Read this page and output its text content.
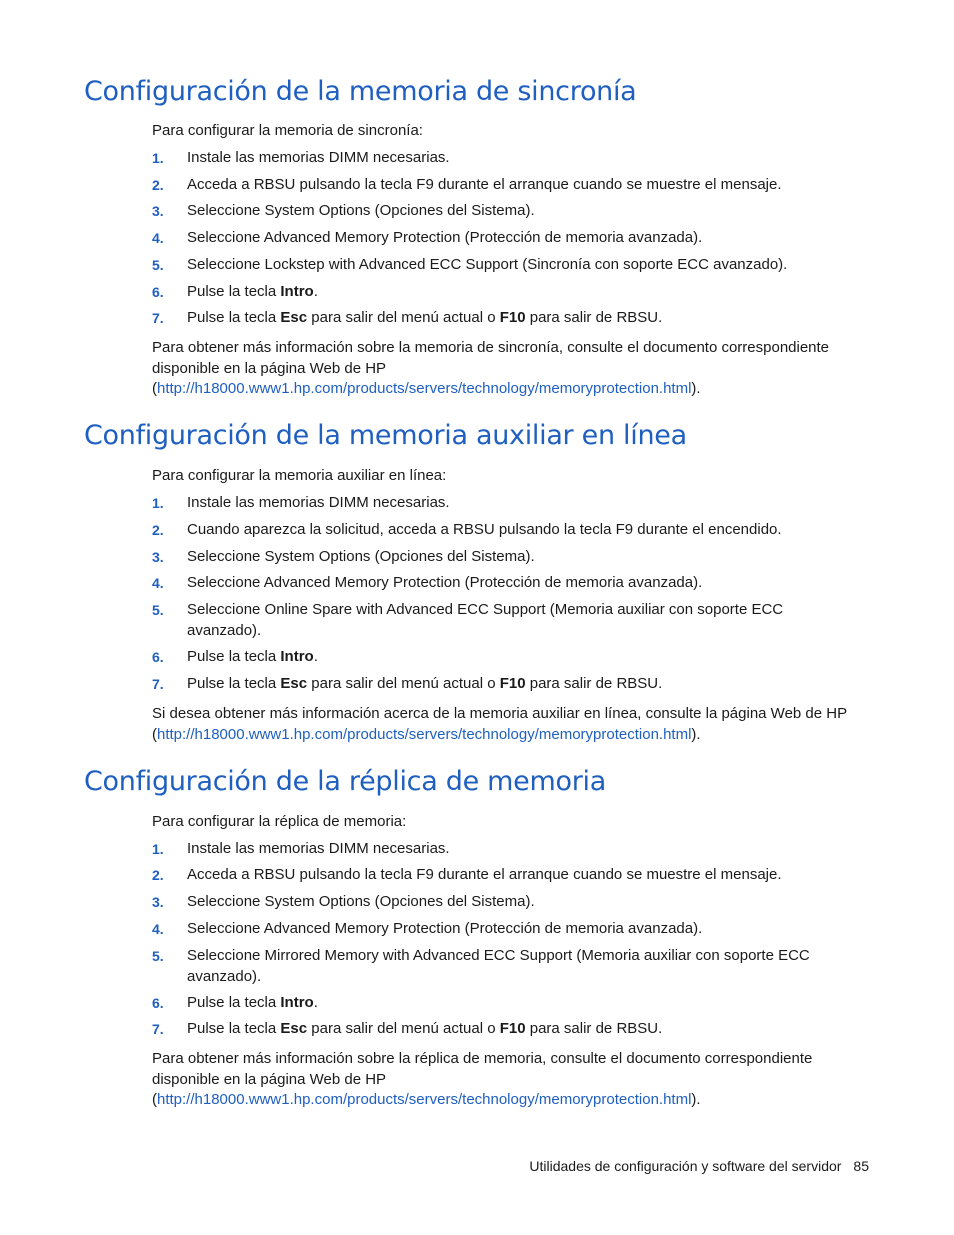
Configuración de la memoria de sincronía

Para configurar la memoria de sincronía:

1. Instale las memorias DIMM necesarias.
2. Acceda a RBSU pulsando la tecla F9 durante el arranque cuando se muestre el mensaje.
3. Seleccione System Options (Opciones del Sistema).
4. Seleccione Advanced Memory Protection (Protección de memoria avanzada).
5. Seleccione Lockstep with Advanced ECC Support (Sincronía con soporte ECC avanzado).
6. Pulse la tecla Intro.
7. Pulse la tecla Esc para salir del menú actual o F10 para salir de RBSU.

Para obtener más información sobre la memoria de sincronía, consulte el documento correspondiente disponible en la página Web de HP (http://h18000.www1.hp.com/products/servers/technology/memoryprotection.html).

Configuración de la memoria auxiliar en línea

Para configurar la memoria auxiliar en línea:

1. Instale las memorias DIMM necesarias.
2. Cuando aparezca la solicitud, acceda a RBSU pulsando la tecla F9 durante el encendido.
3. Seleccione System Options (Opciones del Sistema).
4. Seleccione Advanced Memory Protection (Protección de memoria avanzada).
5. Seleccione Online Spare with Advanced ECC Support (Memoria auxiliar con soporte ECC avanzado).
6. Pulse la tecla Intro.
7. Pulse la tecla Esc para salir del menú actual o F10 para salir de RBSU.

Si desea obtener más información acerca de la memoria auxiliar en línea, consulte la página Web de HP (http://h18000.www1.hp.com/products/servers/technology/memoryprotection.html).

Configuración de la réplica de memoria

Para configurar la réplica de memoria:

1. Instale las memorias DIMM necesarias.
2. Acceda a RBSU pulsando la tecla F9 durante el arranque cuando se muestre el mensaje.
3. Seleccione System Options (Opciones del Sistema).
4. Seleccione Advanced Memory Protection (Protección de memoria avanzada).
5. Seleccione Mirrored Memory with Advanced ECC Support (Memoria auxiliar con soporte ECC avanzado).
6. Pulse la tecla Intro.
7. Pulse la tecla Esc para salir del menú actual o F10 para salir de RBSU.

Para obtener más información sobre la réplica de memoria, consulte el documento correspondiente disponible en la página Web de HP (http://h18000.www1.hp.com/products/servers/technology/memoryprotection.html).

Utilidades de configuración y software del servidor 85
